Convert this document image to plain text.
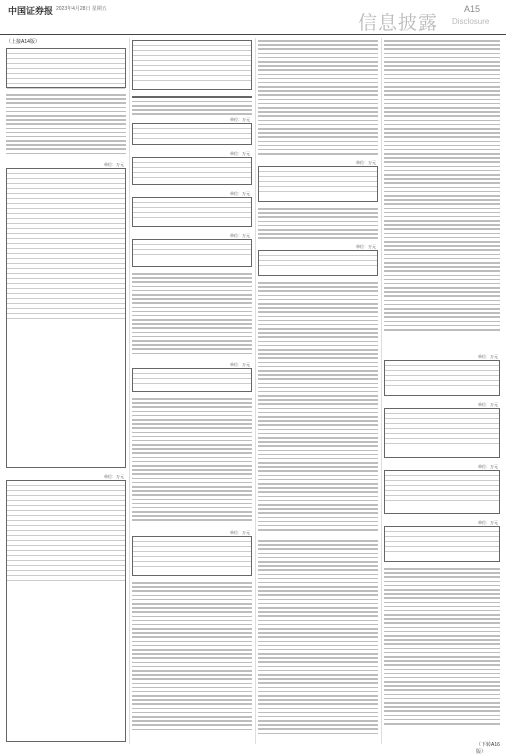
中国证券报 2023年4月28日 星期五
信息披露
A15
Disclosure
（上接A14版）
单位：万元
单位：万元
单位：万元
单位：万元
单位：万元
单位：万元
单位：万元
单位：万元
单位：万元
单位：万元
单位：万元
单位：万元
单位：万元
单位：万元
（下转A16版）
